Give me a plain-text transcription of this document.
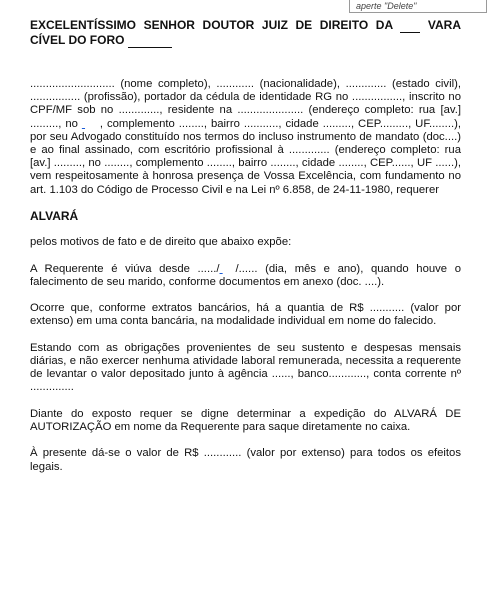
aperte "Delete"

EXCELENTÍSSIMO SENHOR DOUTOR JUIZ DE DIREITO DA   VARA CÍVEL DO FORO

........................... (nome completo), ............ (nacionalidade), ............. (estado civil), ................ (profissão), portador da cédula de identidade RG no ................, inscrito no CPF/MF sob no ............., residente na ..................... (endereço completo: rua [av.] ........., no  , complemento ........, bairro ..........., cidade ........., CEP........., UF........), por seu Advogado constituído nos termos do incluso instrumento de mandato (doc....) e ao final assinado, com escritório profissional à ............. (endereço completo: rua [av.] ........., no ........, complemento ........, bairro ........, cidade ........, CEP......, UF ......), vem respeitosamente à honrosa presença de Vossa Excelência, com fundamento no art. 1.103 do Código de Processo Civil e na Lei nº 6.858, de 24-11-1980, requerer

ALVARÁ

pelos motivos de fato e de direito que abaixo expõe:

A Requerente é viúva desde ....../ /...... (dia, mês e ano), quando houve o falecimento de seu marido, conforme documentos em anexo (doc. ....).

Ocorre que, conforme extratos bancários, há a quantia de R$ ........... (valor por extenso) em uma conta bancária, na modalidade individual em nome do falecido.

Estando com as obrigações provenientes de seu sustento e despesas mensais diárias, e não exercer nenhuma atividade laboral remunerada, necessita a requerente de levantar o valor depositado junto à agência ......, banco............, conta corrente nº ..............

Diante do exposto requer se digne determinar a expedição do ALVARÁ DE AUTORIZAÇÃO em nome da Requerente para saque diretamente no caixa.

À presente dá-se o valor de R$ ............ (valor por extenso) para todos os efeitos legais.
